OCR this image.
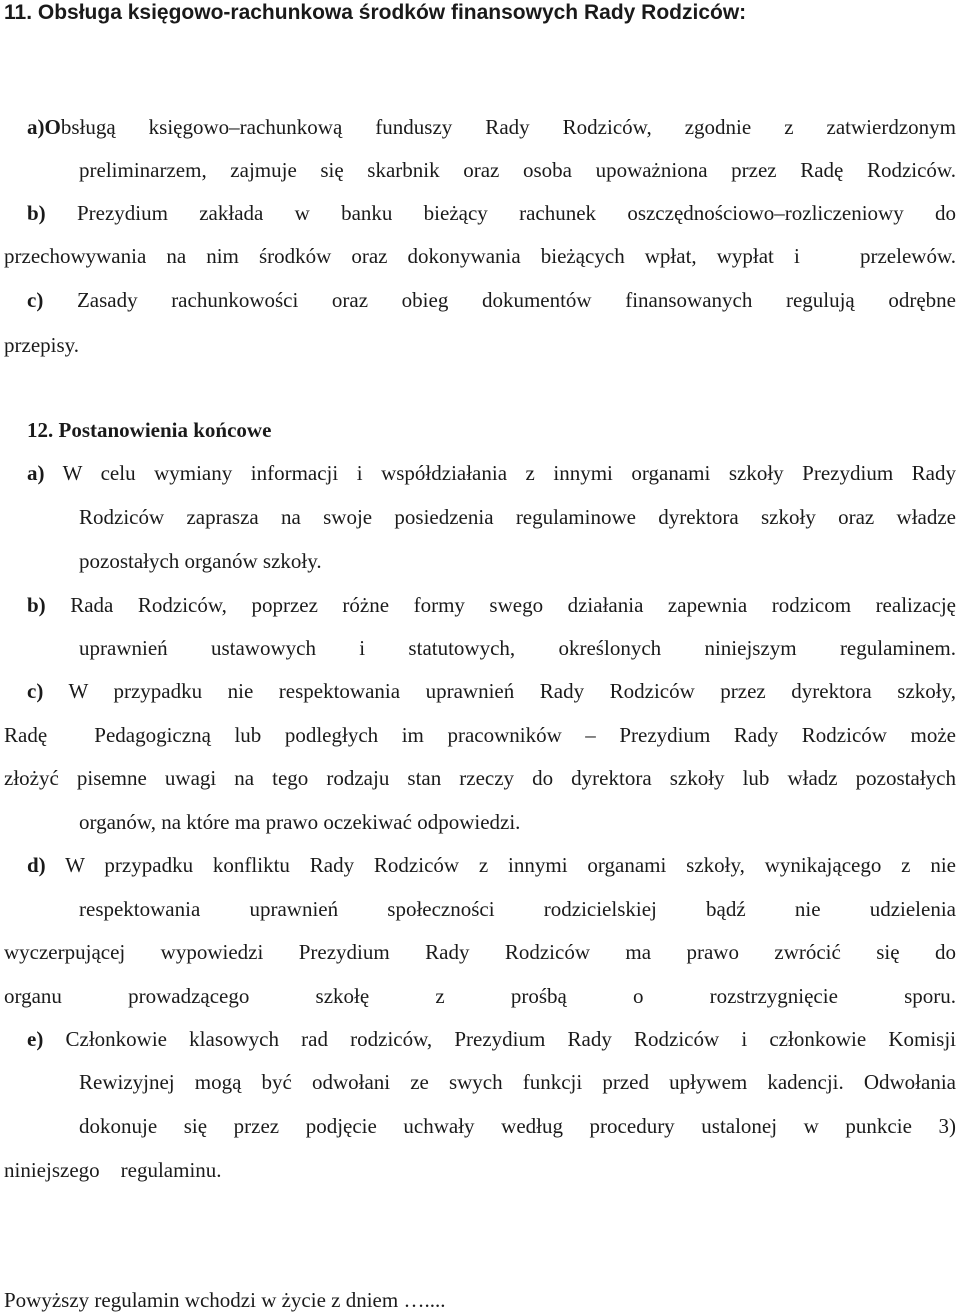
11. Obsługa księgowo-rachunkowa środków finansowych Rady Rodziców:
a)Obsługą księgowo–rachunkową funduszy Rady Rodziców, zgodnie z zatwierdzonym
preliminarzem, zajmuje się skarbnik oraz osoba upoważniona przez Radę Rodziców.
b) Prezydium zakłada w banku bieżący rachunek oszczędnościowo–rozliczeniowy do
przechowywania na nim środków oraz dokonywania bieżących wpłat, wypłat i   przelewów.
c) Zasady rachunkowości oraz obieg dokumentów finansowanych regulują odrębne
przepisy.
12. Postanowienia końcowe
a) W celu wymiany informacji i współdziałania z innymi organami szkoły Prezydium Rady
Rodziców zaprasza na swoje posiedzenia regulaminowe dyrektora szkoły oraz władze
pozostałych organów szkoły.
b) Rada Rodziców, poprzez różne formy swego działania zapewnia rodzicom realizację
uprawnień ustawowych i statutowych, określonych niniejszym regulaminem.
c) W przypadku nie respektowania uprawnień Rady Rodziców przez dyrektora szkoły,
Radę  Pedagogiczną lub podległych im pracowników – Prezydium Rady Rodziców może
złożyć pisemne uwagi na tego rodzaju stan rzeczy do dyrektora szkoły lub władz pozostałych
organów, na które ma prawo oczekiwać odpowiedzi.
d) W przypadku konfliktu Rady Rodziców z innymi organami szkoły, wynikającego z nie
respektowania uprawnień społeczności rodzicielskiej bądź nie udzielenia
wyczerpującej wypowiedzi Prezydium Rady Rodziców ma prawo zwrócić się do
organu prowadzącego szkołę z prośbą o rozstrzygnięcie sporu.
e) Członkowie klasowych rad rodziców, Prezydium Rady Rodziców i członkowie Komisji
Rewizyjnej mogą być odwołani ze swych funkcji przed upływem kadencji. Odwołania
dokonuje się przez podjęcie uchwały według procedury ustalonej w punkcie 3)
niniejszego    regulaminu.
Powyższy regulamin wchodzi w życie z dniem …....
